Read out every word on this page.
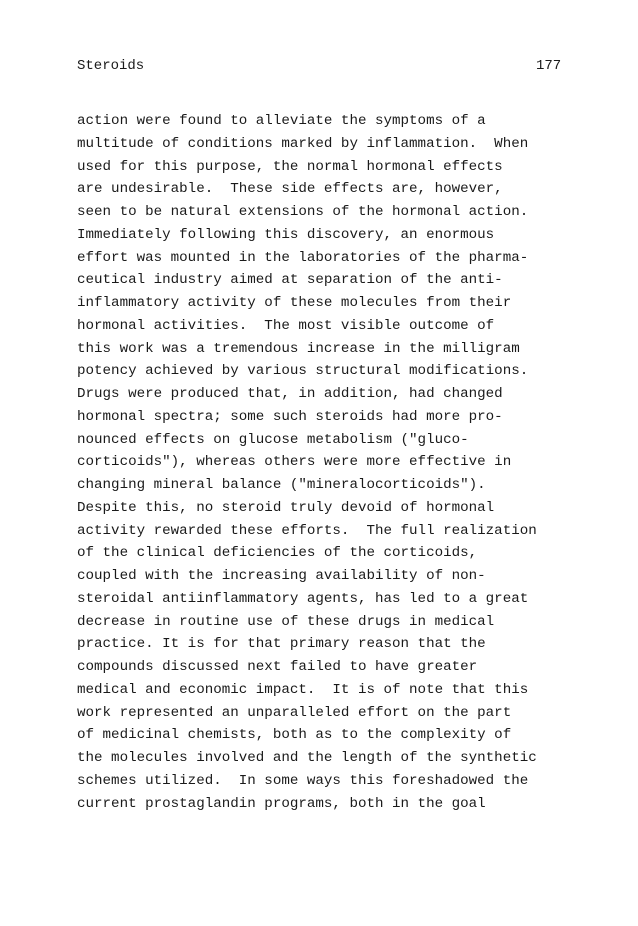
Steroids	177
action were found to alleviate the symptoms of a
multitude of conditions marked by inflammation.  When
used for this purpose, the normal hormonal effects
are undesirable.  These side effects are, however,
seen to be natural extensions of the hormonal action.
Immediately following this discovery, an enormous
effort was mounted in the laboratories of the pharma-
ceutical industry aimed at separation of the anti-
inflammatory activity of these molecules from their
hormonal activities.  The most visible outcome of
this work was a tremendous increase in the milligram
potency achieved by various structural modifications.
Drugs were produced that, in addition, had changed
hormonal spectra; some such steroids had more pro-
nounced effects on glucose metabolism ("gluco-
corticoids"), whereas others were more effective in
changing mineral balance ("mineralocorticoids").
Despite this, no steroid truly devoid of hormonal
activity rewarded these efforts.  The full realization
of the clinical deficiencies of the corticoids,
coupled with the increasing availability of non-
steroidal antiinflammatory agents, has led to a great
decrease in routine use of these drugs in medical
practice. It is for that primary reason that the
compounds discussed next failed to have greater
medical and economic impact.  It is of note that this
work represented an unparalleled effort on the part
of medicinal chemists, both as to the complexity of
the molecules involved and the length of the synthetic
schemes utilized.  In some ways this foreshadowed the
current prostaglandin programs, both in the goal
